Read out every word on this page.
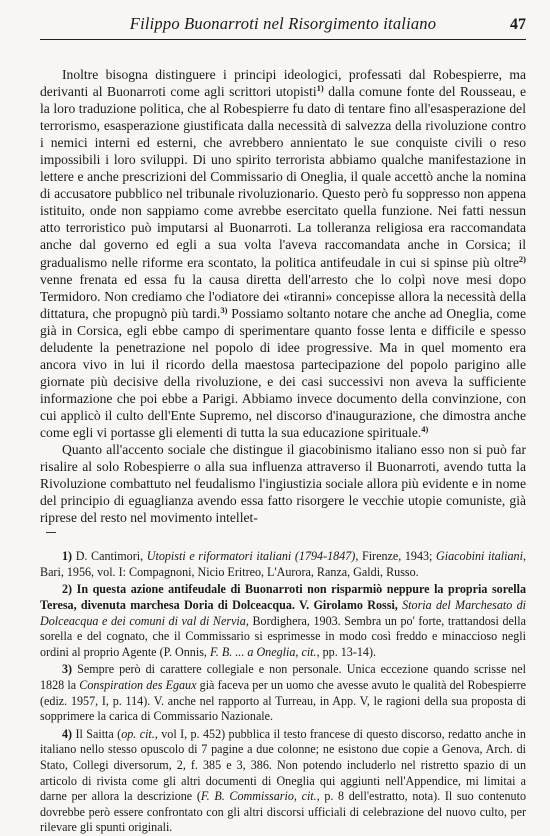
Filippo Buonarroti nel Risorgimento italiano	47

Inoltre bisogna distinguere i principi ideologici, professati dal Robespierre, ma derivanti al Buonarroti come agli scrittori utopisti$^{1)}$ dalla comune fonte del Rousseau, e la loro traduzione politica, che al Robespierre fu dato di tentare fino all'esasperazione del terrorismo, esasperazione giustificata dalla necessità di salvezza della rivoluzione contro i nemici interni ed esterni, che avrebbero annientato le sue conquiste civili o reso impossibili i loro sviluppi. Di uno spirito terrorista abbiamo qualche manifestazione in lettere e anche prescrizioni del Commissario di Oneglia, il quale accettò anche la nomina di accusatore pubblico nel tribunale rivoluzionario. Questo però fu soppresso non appena istituito, onde non sappiamo come avrebbe esercitato quella funzione. Nei fatti nessun atto terroristico può imputarsi al Buonarroti. La tolleranza religiosa era raccomandata anche dal governo ed egli a sua volta l'aveva raccomandata anche in Corsica; il gradualismo nelle riforme era scontato, la politica antifeudale in cui si spinse più oltre$^{2)}$ venne frenata ed essa fu la causa diretta dell'arresto che lo colpì nove mesi dopo Termidoro. Non crediamo che l'odiatore dei «tiranni» concepisse allora la necessità della dittatura, che propugnò più tardi.$^{3)}$ Possiamo soltanto notare che anche ad Oneglia, come già in Corsica, egli ebbe campo di sperimentare quanto fosse lenta e difficile e spesso deludente la penetrazione nel popolo di idee progressive. Ma in quel momento era ancora vivo in lui il ricordo della maestosa partecipazione del popolo parigino alle giornate più decisive della rivoluzione, e dei casi successivi non aveva la sufficiente informazione che poi ebbe a Parigi. Abbiamo invece documento della convinzione, con cui applicò il culto dell'Ente Supremo, nel discorso d'inaugurazione, che dimostra anche come egli vi portasse gli elementi di tutta la sua educazione spirituale.$^{4)}$

Quanto all'accento sociale che distingue il giacobinismo italiano esso non si può far risalire al solo Robespierre o alla sua influenza attraverso il Buonarroti, avendo tutta la Rivoluzione combattuto nel feudalismo l'ingiustizia sociale allora più evidente e in nome del principio di eguaglianza avendo essa fatto risorgere le vecchie utopie comuniste, già riprese del resto nel movimento intellet-

1) D. Cantimori, Utopisti e riformatori italiani (1794-1847), Firenze, 1943; Giacobini italiani, Bari, 1956, vol. I: Compagnoni, Nicio Eritreo, L'Aurora, Ranza, Galdi, Russo.

2) In questa azione antifeudale di Buonarroti non risparmiò neppure la propria sorella Teresa, divenuta marchesa Doria di Dolceacqua. V. Girolamo Rossi, Storia del Marchesato di Dolceacqua e dei comuni di val di Nervia, Bordighera, 1903. Sembra un po' forte, trattandosi della sorella e del cognato, che il Commissario si esprimesse in modo così freddo e minaccioso negli ordini al proprio Agente (P. Onnis, F. B. ... a Oneglia, cit., pp. 13-14).

3) Sempre però di carattere collegiale e non personale. Unica eccezione quando scrisse nel 1828 la Conspiration des Egaux già faceva per un uomo che avesse avuto le qualità del Robespierre (ediz. 1957, I, p. 114). V. anche nel rapporto al Turreau, in App. V, le ragioni della sua proposta di sopprimere la carica di Commissario Nazionale.

4) Il Saitta (op. cit., vol I, p. 452) pubblica il testo francese di questo discorso, redatto anche in italiano nello stesso opuscolo di 7 pagine a due colonne; ne esistono due copie a Genova, Arch. di Stato, Collegi diversorum, 2, f. 385 e 3, 386. Non potendo includerlo nel ristretto spazio di un articolo di rivista come gli altri documenti di Oneglia qui aggiunti nell'Appendice, mi limitai a darne per allora la descrizione (F. B. Commissario, cit., p. 8 dell'estratto, nota). Il suo contenuto dovrebbe però essere confrontato con gli altri discorsi ufficiali di celebrazione del nuovo culto, per rilevare gli spunti originali.
